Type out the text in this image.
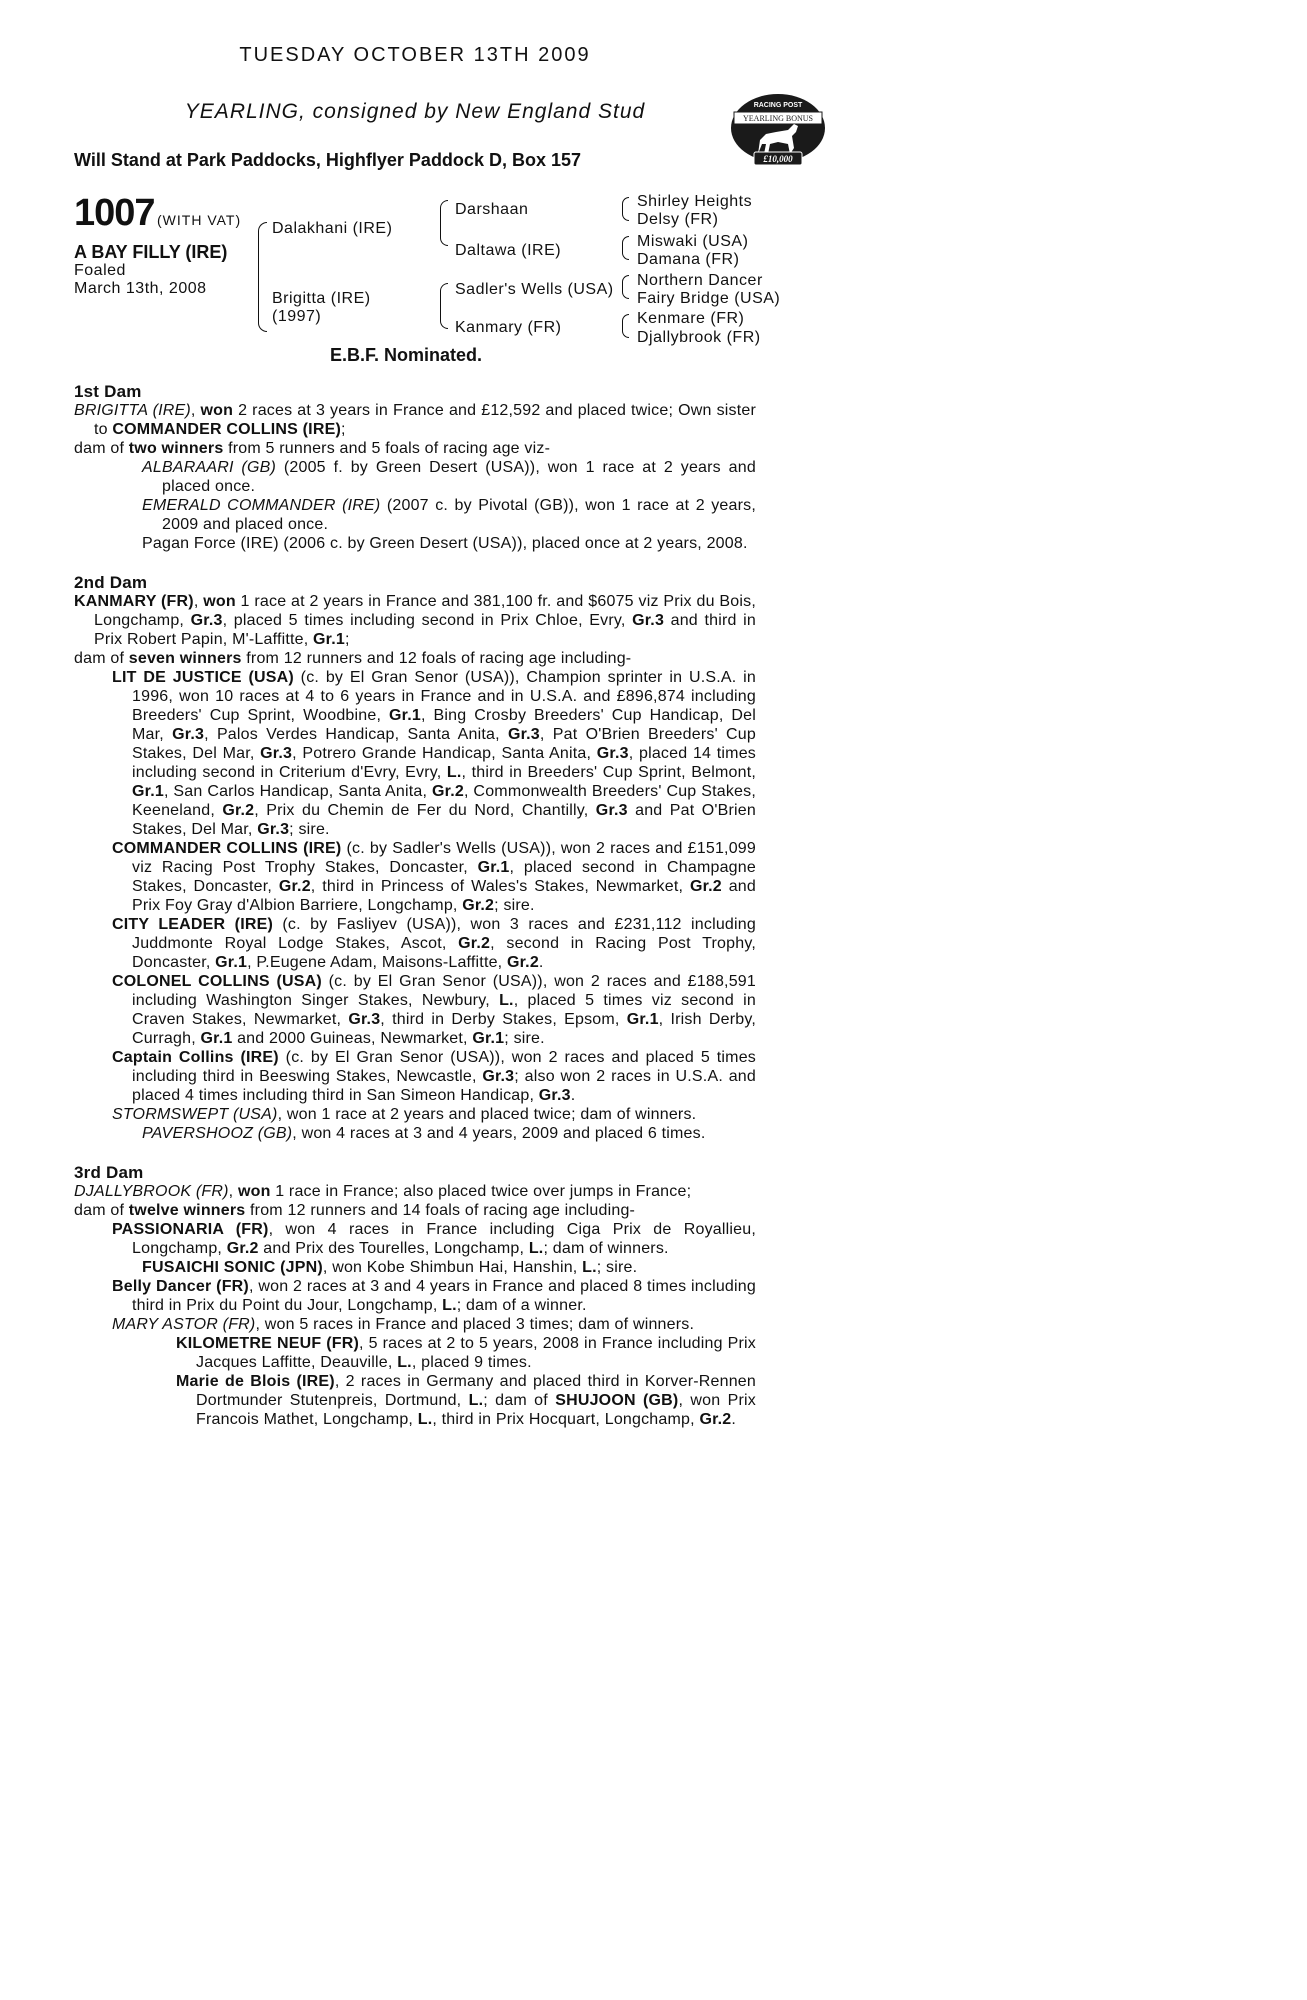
TUESDAY OCTOBER 13TH 2009
YEARLING, consigned by New England Stud
Will Stand at Park Paddocks, Highflyer Paddock D, Box 157
RACING POST
YEARLING BONUS
£10,000
1007 (WITH VAT)
A BAY FILLY (IRE)
Foaled
March 13th, 2008
Dalakhani (IRE)
Brigitta (IRE)
(1997)
Darshaan
Daltawa (IRE)
Sadler's Wells (USA)
Kanmary (FR)
Shirley Heights
Delsy (FR)
Miswaki (USA)
Damana (FR)
Northern Dancer
Fairy Bridge (USA)
Kenmare (FR)
Djallybrook (FR)
E.B.F. Nominated.
1st Dam
BRIGITTA (IRE), won 2 races at 3 years in France and £12,592 and placed twice; Own sister to COMMANDER COLLINS (IRE);
dam of two winners from 5 runners and 5 foals of racing age viz-
ALBARAARI (GB) (2005 f. by Green Desert (USA)), won 1 race at 2 years and placed once.
EMERALD COMMANDER (IRE) (2007 c. by Pivotal (GB)), won 1 race at 2 years, 2009 and placed once.
Pagan Force (IRE) (2006 c. by Green Desert (USA)), placed once at 2 years, 2008.
2nd Dam
KANMARY (FR), won 1 race at 2 years in France and 381,100 fr. and $6075 viz Prix du Bois, Longchamp, Gr.3, placed 5 times including second in Prix Chloe, Evry, Gr.3 and third in Prix Robert Papin, M'-Laffitte, Gr.1;
dam of seven winners from 12 runners and 12 foals of racing age including-
LIT DE JUSTICE (USA) (c. by El Gran Senor (USA)), Champion sprinter in U.S.A. in 1996, won 10 races at 4 to 6 years in France and in U.S.A. and £896,874 including Breeders' Cup Sprint, Woodbine, Gr.1, Bing Crosby Breeders' Cup Handicap, Del Mar, Gr.3, Palos Verdes Handicap, Santa Anita, Gr.3, Pat O'Brien Breeders' Cup Stakes, Del Mar, Gr.3, Potrero Grande Handicap, Santa Anita, Gr.3, placed 14 times including second in Criterium d'Evry, Evry, L., third in Breeders' Cup Sprint, Belmont, Gr.1, San Carlos Handicap, Santa Anita, Gr.2, Commonwealth Breeders' Cup Stakes, Keeneland, Gr.2, Prix du Chemin de Fer du Nord, Chantilly, Gr.3 and Pat O'Brien Stakes, Del Mar, Gr.3; sire.
COMMANDER COLLINS (IRE) (c. by Sadler's Wells (USA)), won 2 races and £151,099 viz Racing Post Trophy Stakes, Doncaster, Gr.1, placed second in Champagne Stakes, Doncaster, Gr.2, third in Princess of Wales's Stakes, Newmarket, Gr.2 and Prix Foy Gray d'Albion Barriere, Longchamp, Gr.2; sire.
CITY LEADER (IRE) (c. by Fasliyev (USA)), won 3 races and £231,112 including Juddmonte Royal Lodge Stakes, Ascot, Gr.2, second in Racing Post Trophy, Doncaster, Gr.1, P.Eugene Adam, Maisons-Laffitte, Gr.2.
COLONEL COLLINS (USA) (c. by El Gran Senor (USA)), won 2 races and £188,591 including Washington Singer Stakes, Newbury, L., placed 5 times viz second in Craven Stakes, Newmarket, Gr.3, third in Derby Stakes, Epsom, Gr.1, Irish Derby, Curragh, Gr.1 and 2000 Guineas, Newmarket, Gr.1; sire.
Captain Collins (IRE) (c. by El Gran Senor (USA)), won 2 races and placed 5 times including third in Beeswing Stakes, Newcastle, Gr.3; also won 2 races in U.S.A. and placed 4 times including third in San Simeon Handicap, Gr.3.
STORMSWEPT (USA), won 1 race at 2 years and placed twice; dam of winners.
PAVERSHOOZ (GB), won 4 races at 3 and 4 years, 2009 and placed 6 times.
3rd Dam
DJALLYBROOK (FR), won 1 race in France; also placed twice over jumps in France;
dam of twelve winners from 12 runners and 14 foals of racing age including-
PASSIONARIA (FR), won 4 races in France including Ciga Prix de Royallieu, Longchamp, Gr.2 and Prix des Tourelles, Longchamp, L.; dam of winners.
FUSAICHI SONIC (JPN), won Kobe Shimbun Hai, Hanshin, L.; sire.
Belly Dancer (FR), won 2 races at 3 and 4 years in France and placed 8 times including third in Prix du Point du Jour, Longchamp, L.; dam of a winner.
MARY ASTOR (FR), won 5 races in France and placed 3 times; dam of winners.
KILOMETRE NEUF (FR), 5 races at 2 to 5 years, 2008 in France including Prix Jacques Laffitte, Deauville, L., placed 9 times.
Marie de Blois (IRE), 2 races in Germany and placed third in Korver-Rennen Dortmunder Stutenpreis, Dortmund, L.; dam of SHUJOON (GB), won Prix Francois Mathet, Longchamp, L., third in Prix Hocquart, Longchamp, Gr.2.
